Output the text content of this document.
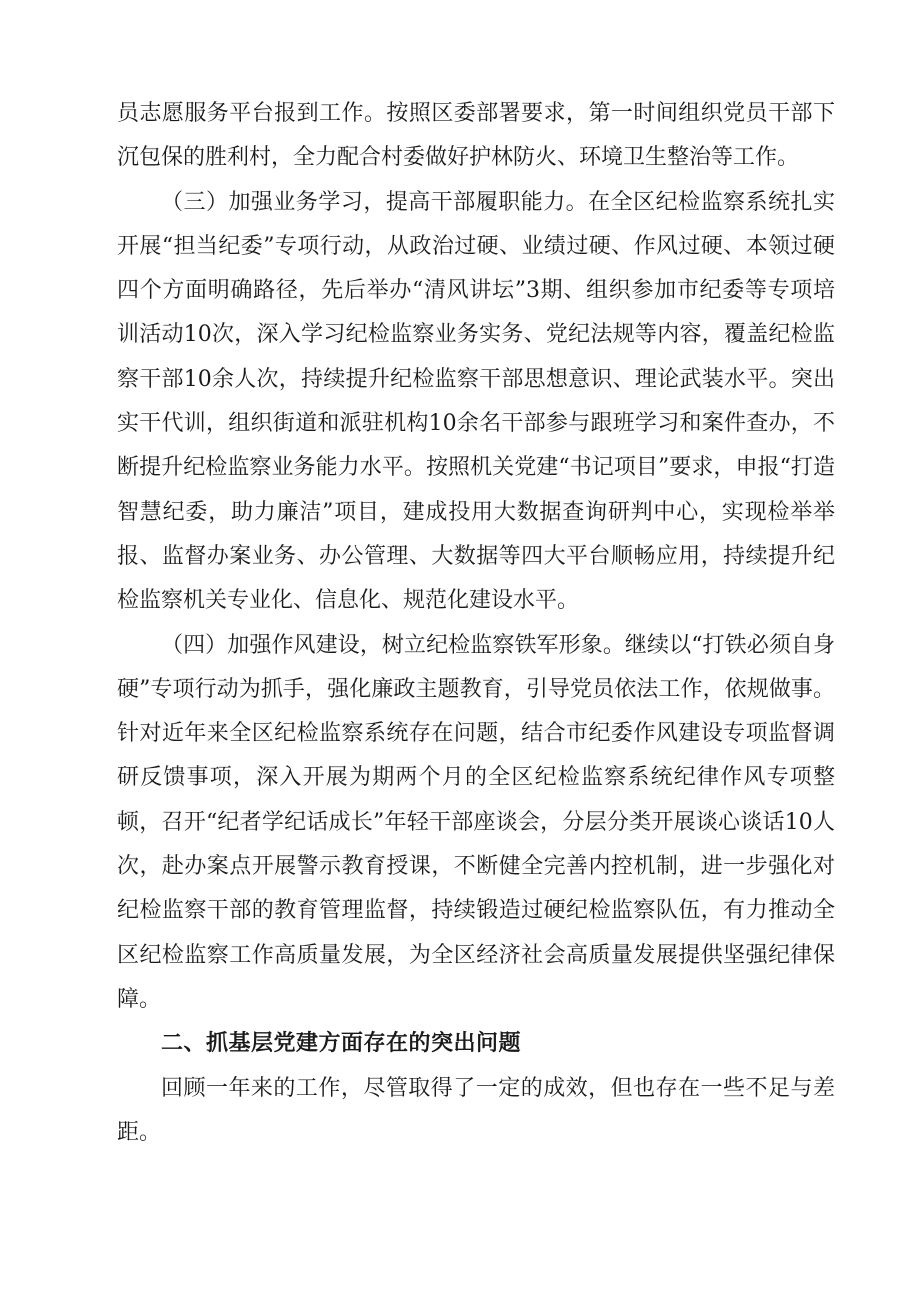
员志愿服务平台报到工作。按照区委部署要求，第一时间组织党员干部下沉包保的胜利村，全力配合村委做好护林防火、环境卫生整治等工作。

（三）加强业务学习，提高干部履职能力。在全区纪检监察系统扎实开展“担当纪委”专项行动，从政治过硬、业绩过硬、作风过硬、本领过硬四个方面明确路径，先后举办“清风讲坛”3期、组织参加市纪委等专项培训活动10次，深入学习纪检监察业务实务、党纪法规等内容，覆盖纪检监察干部10余人次，持续提升纪检监察干部思想意识、理论武装水平。突出实干代训，组织街道和派驻机构10余名干部参与跟班学习和案件查办，不断提升纪检监察业务能力水平。按照机关党建“书记项目”要求，申报“打造智慧纪委，助力廉洁”项目，建成投用大数据查询研判中心，实现检举举报、监督办案业务、办公管理、大数据等四大平台顺畅应用，持续提升纪检监察机关专业化、信息化、规范化建设水平。

（四）加强作风建设，树立纪检监察铁军形象。继续以“打铁必须自身硬”专项行动为抓手，强化廉政主题教育，引导党员依法工作，依规做事。针对近年来全区纪检监察系统存在问题，结合市纪委作风建设专项监督调研反馈事项，深入开展为期两个月的全区纪检监察系统纪律作风专项整顿，召开“纪者学纪话成长”年轻干部座谈会，分层分类开展谈心谈话10人次，赴办案点开展警示教育授课，不断健全完善内控机制，进一步强化对纪检监察干部的教育管理监督，持续锻造过硬纪检监察队伍，有力推动全区纪检监察工作高质量发展，为全区经济社会高质量发展提供坚强纪律保障。

二、抓基层党建方面存在的突出问题

回顾一年来的工作，尽管取得了一定的成效，但也存在一些不足与差距。
